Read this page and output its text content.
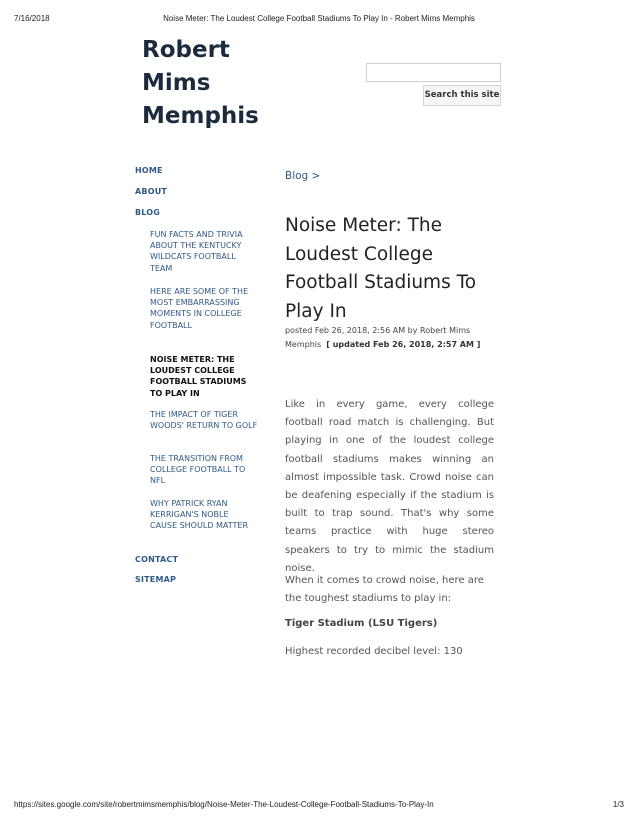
7/16/2018	Noise Meter: The Loudest College Football Stadiums To Play In - Robert Mims Memphis
Robert
Mims
Memphis
Search this site
HOME
ABOUT
BLOG
FUN FACTS AND TRIVIA ABOUT THE KENTUCKY WILDCATS FOOTBALL TEAM
HERE ARE SOME OF THE MOST EMBARRASSING MOMENTS IN COLLEGE FOOTBALL
NOISE METER: THE LOUDEST COLLEGE FOOTBALL STADIUMS TO PLAY IN
THE IMPACT OF TIGER WOODS' RETURN TO GOLF
THE TRANSITION FROM COLLEGE FOOTBALL TO NFL
WHY PATRICK RYAN KERRIGAN'S NOBLE CAUSE SHOULD MATTER
CONTACT
SITEMAP
Blog >
Noise Meter: The Loudest College Football Stadiums To Play In
posted Feb 26, 2018, 2:56 AM by Robert Mims Memphis [ updated Feb 26, 2018, 2:57 AM ]

Like in every game, every college football road match is challenging. But playing in one of the loudest college football stadiums makes winning an almost impossible task. Crowd noise can be deafening especially if the stadium is built to trap sound. That's why some teams practice with huge stereo speakers to try to mimic the stadium noise.

When it comes to crowd noise, here are the toughest stadiums to play in:

Tiger Stadium (LSU Tigers)

Highest recorded decibel level: 130

https://sites.google.com/site/robertmimsmemphis/blog/Noise-Meter-The-Loudest-College-Football-Stadiums-To-Play-In	1/3
